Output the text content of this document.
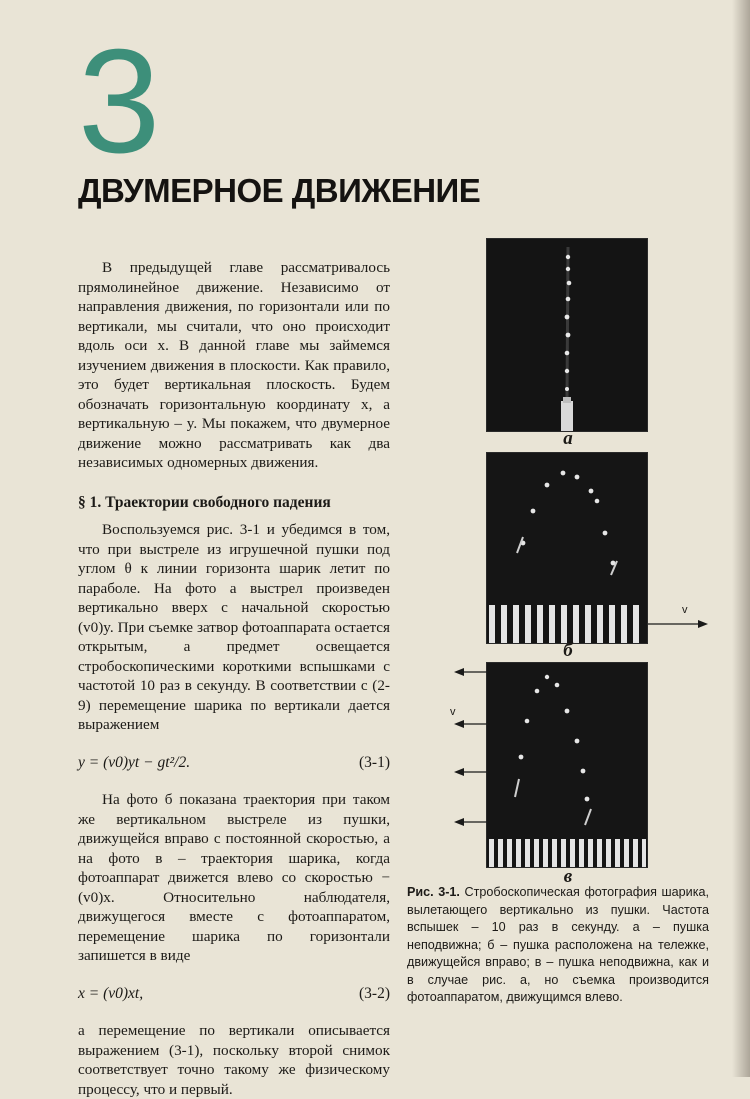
3
ДВУМЕРНОЕ ДВИЖЕНИЕ

В предыдущей главе рассматривалось прямолинейное движение. Независимо от направления движения, по горизонтали или по вертикали, мы считали, что оно происходит вдоль оси x. В данной главе мы займемся изучением движения в плоскости. Как правило, это будет вертикальная плоскость. Будем обозначать горизонтальную координату x, а вертикальную – y. Мы покажем, что двумерное движение можно рассматривать как два независимых одномерных движения.

§ 1. Траектории свободного падения

Воспользуемся рис. 3-1 и убедимся в том, что при выстреле из игрушечной пушки под углом θ к линии горизонта шарик летит по параболе. На фото а выстрел произведен вертикально вверх с начальной скоростью (v0)y. При съемке затвор фотоаппарата остается открытым, а предмет освещается стробоскопическими короткими вспышками с частотой 10 раз в секунду. В соответствии с (2-9) перемещение шарика по вертикали дается выражением

y = (v0)yt − gt²/2.	(3-1)

На фото б показана траектория при таком же вертикальном выстреле из пушки, движущейся вправо с постоянной скоростью, а на фото в – траектория шарика, когда фотоаппарат движется влево со скоростью −(v0)x. Относительно наблюдателя, движущегося вместе с фотоаппаратом, перемещение шарика по горизонтали запишется в виде

x = (v0)xt,	(3-2)

а перемещение по вертикали описывается выражением (3-1), поскольку второй снимок соответствует точно такому же физическому процессу, что и первый.

а
v
б
v
в
Рис. 3-1. Стробоскопическая фотография шарика, вылетающего вертикально из пушки. Частота вспышек – 10 раз в секунду. а – пушка неподвижна; б – пушка расположена на тележке, движущейся вправо; в – пушка неподвижна, как и в случае рис. а, но съемка производится фотоаппаратом, движущимся влево.
